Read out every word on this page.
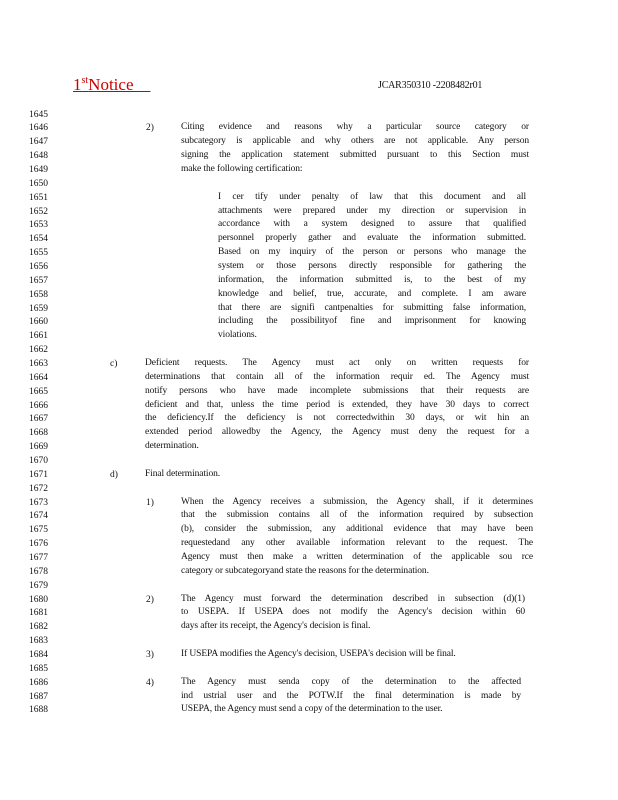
1stNotice	JCAR350310 -2208482r01
1645
1646
1647
1648
1649
1650
1651
1652
1653
1654
1655
1656
1657
1658
1659
1660
1661
1662
1663
1664
1665
1666
1667
1668
1669
1670
1671
1672
1673
1674
1675
1676
1677
1678
1679
1680
1681
1682
1683
1684
1685
1686
1687
1688
2)	Citing evidence and reasons why a particular source category or
subcategory is applicable and why others are not applicable. Any person
signing the application statement submitted pursuant to this Section must
make the following certification:
I cer tify under penalty of law that this document and all
attachments were prepared under my direction or supervision in
accordance with a system designed to assure that qualified
personnel properly gather and evaluate the information submitted.
Based on my inquiry of the person or persons who manage the
system or those persons directly responsible for gathering the
information, the information submitted is, to the best of my
knowledge and belief, true, accurate, and complete. I am aware
that there are signifi cantpenalties for submitting false information,
including the possibilityof fine and imprisonment for knowing
violations.
c)	Deficient requests. The Agency must act only on written requests for
determinations that contain all of the information requir ed. The Agency must
notify persons who have made incomplete submissions that their requests are
deficient and that, unless the time period is extended, they have 30 days to correct
the deficiency.If the deficiency is not correctedwithin 30 days, or wit hin an
extended period allowedby the Agency, the Agency must deny the request for a
determination.
d)	Final determination.
1)	When the Agency receives a submission, the Agency shall, if it determines
that the submission contains all of the information required by subsection
(b), consider the submission, any additional evidence that may have been
requestedand any other available information relevant to the request. The
Agency must then make a written determination of the applicable sou rce
category or subcategoryand state the reasons for the determination.
2)	The Agency must forward the determination described in subsection (d)(1)
to USEPA. If USEPA does not modify the Agency's decision within 60
days after its receipt, the Agency's decision is final.
3)	If USEPA modifies the Agency's decision, USEPA's decision will be final.
4)	The Agency must senda copy of the determination to the affected
ind ustrial user and the POTW.If the final determination is made by
USEPA, the Agency must send a copy of the determination to the user.
